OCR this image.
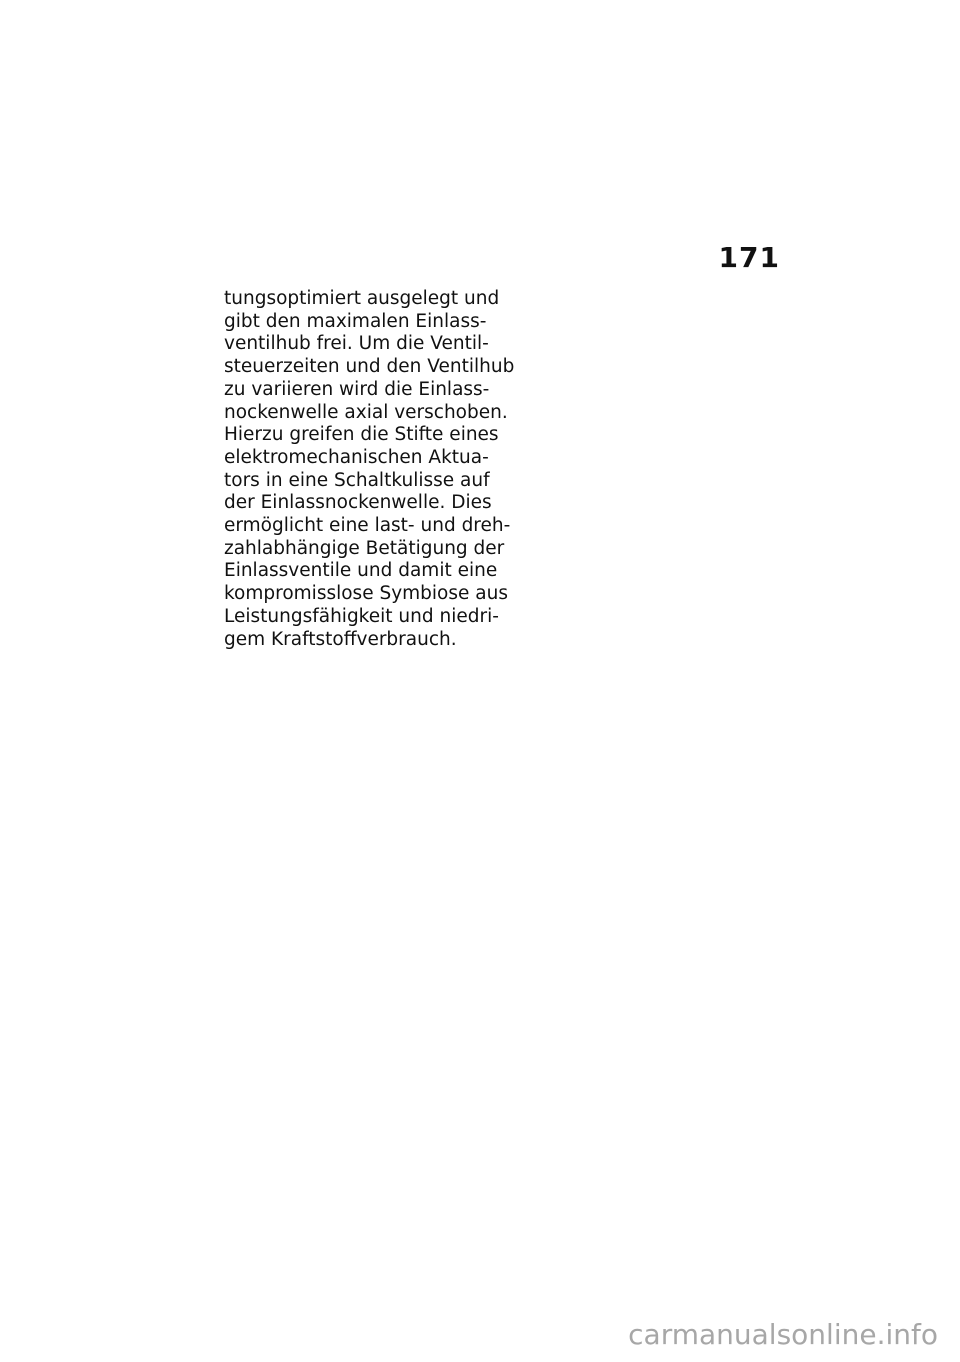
171
tungsoptimiert ausgelegt und
gibt den maximalen Einlass-
ventilhub frei. Um die Ventil-
steuerzeiten und den Ventilhub
zu variieren wird die Einlass-
nockenwelle axial verschoben.
Hierzu greifen die Stifte eines
elektromechanischen Aktua-
tors in eine Schaltkulisse auf
der Einlassnockenwelle. Dies
ermöglicht eine last- und dreh-
zahlabhängige Betätigung der
Einlassventile und damit eine
kompromisslose Symbiose aus
Leistungsfähigkeit und niedri-
gem Kraftstoffverbrauch.
carmanualsonline.info
